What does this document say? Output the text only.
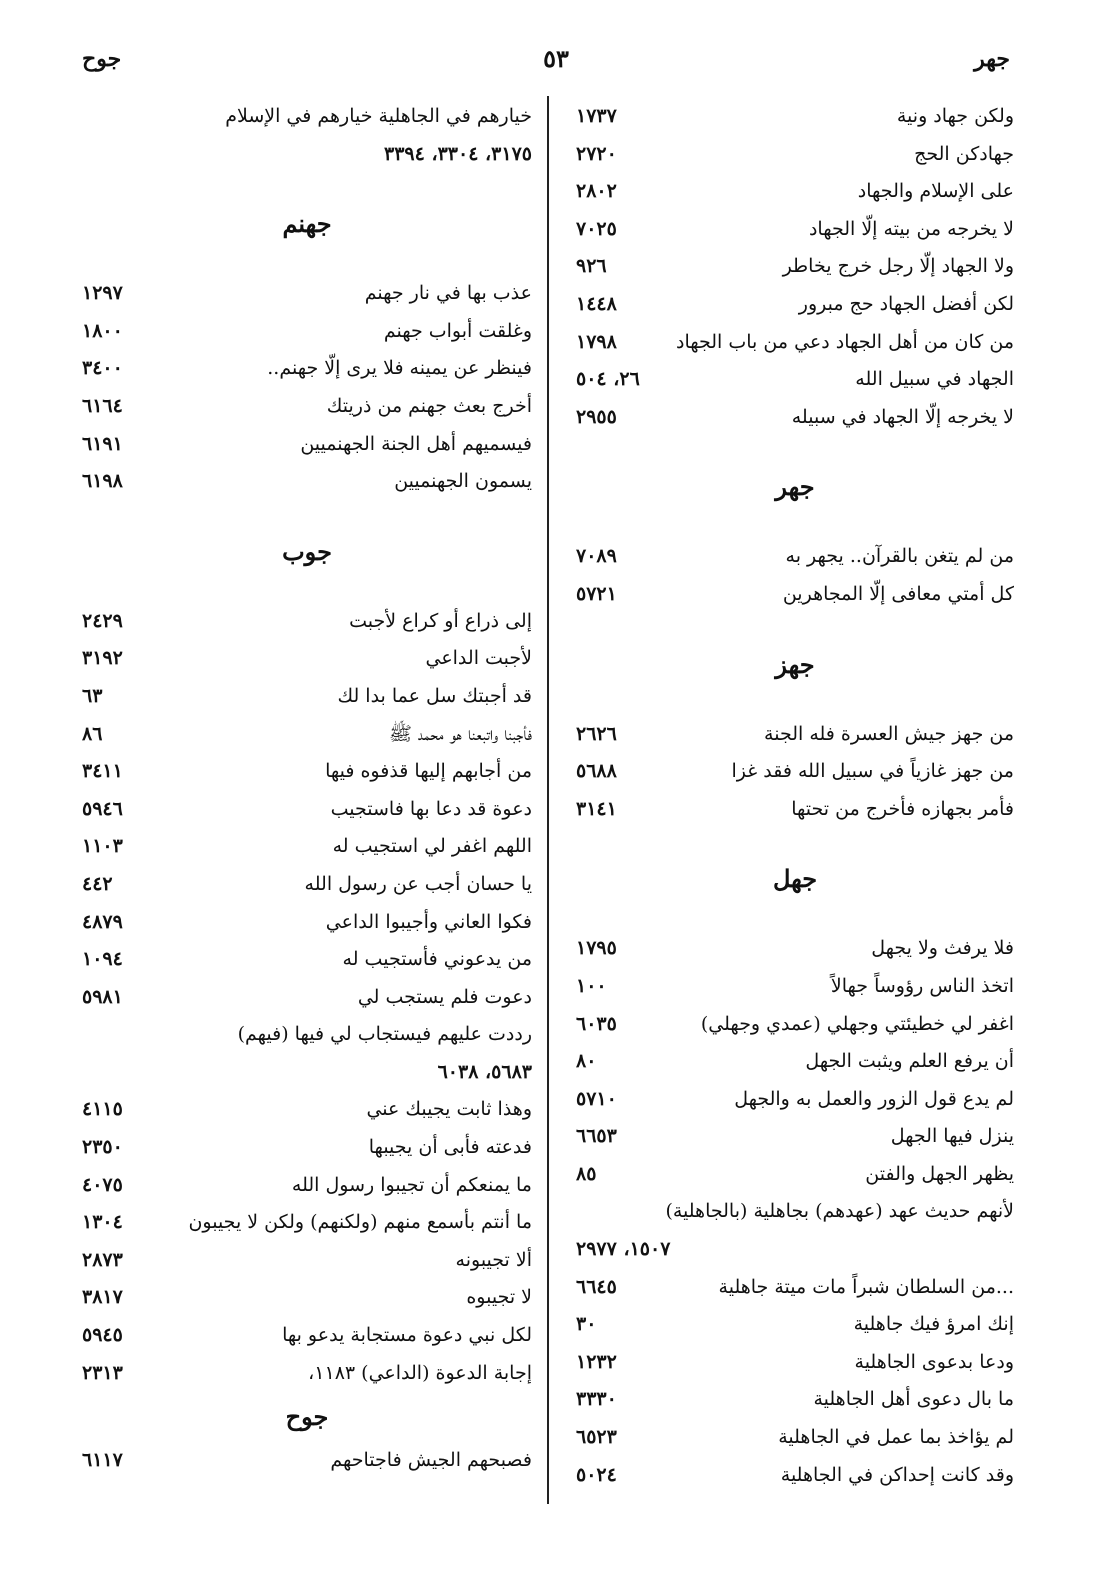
جهر
٥٣
جوح
ولكن جهاد ونية
١٧٣٧
جهادكن الحج
٢٧٢٠
على الإسلام والجهاد
٢٨٠٢
لا يخرجه من بيته إلّا الجهاد
٧٠٢٥
ولا الجهاد إلّا رجل خرج يخاطر
٩٢٦
لكن أفضل الجهاد حج مبرور
١٤٤٨
من كان من أهل الجهاد دعي من باب الجهاد
١٧٩٨
الجهاد في سبيل الله
٢٦، ٥٠٤
لا يخرجه إلّا الجهاد في سبيله
٢٩٥٥
جهر
من لم يتغن بالقرآن.. يجهر به
٧٠٨٩
كل أمتي معافى إلّا المجاهرين
٥٧٢١
جهز
من جهز جيش العسرة فله الجنة
٢٦٢٦
من جهز غازياً في سبيل الله فقد غزا
٥٦٨٨
فأمر بجهازه فأخرج من تحتها
٣١٤١
جهل
فلا يرفث ولا يجهل
١٧٩٥
اتخذ الناس رؤوساً جهالاً
١٠٠
اغفر لي خطيئتي وجهلي (عمدي وجهلي)
٦٠٣٥
أن يرفع العلم ويثبت الجهل
٨٠
لم يدع قول الزور والعمل به والجهل
٥٧١٠
ينزل فيها الجهل
٦٦٥٣
يظهر الجهل والفتن
٨٥
لأنهم حديث عهد (عهدهم) بجاهلية (بالجاهلية)
١٥٠٧، ٢٩٧٧
...من السلطان شبراً مات ميتة جاهلية
٦٦٤٥
إنك امرؤ فيك جاهلية
٣٠
ودعا بدعوى الجاهلية
١٢٣٢
ما بال دعوى أهل الجاهلية
٣٣٣٠
لم يؤاخذ بما عمل في الجاهلية
٦٥٢٣
وقد كانت إحداكن في الجاهلية
٥٠٢٤
خيارهم في الجاهلية خيارهم في الإسلام
٣١٧٥، ٣٣٠٤، ٣٣٩٤
جهنم
عذب بها في نار جهنم
١٢٩٧
وغلقت أبواب جهنم
١٨٠٠
فينظر عن يمينه فلا يرى إلّا جهنم..
٣٤٠٠
أخرج بعث جهنم من ذريتك
٦١٦٤
فيسميهم أهل الجنة الجهنميين
٦١٩١
يسمون الجهنميين
٦١٩٨
جوب
إلى ذراع أو كراع لأجبت
٢٤٢٩
لأجبت الداعي
٣١٩٢
قد أجبتك سل عما بدا لك
٦٣
فأجبنا واتبعنا هو محمد ﷺ
٨٦
من أجابهم إليها قذفوه فيها
٣٤١١
دعوة قد دعا بها فاستجيب
٥٩٤٦
اللهم اغفر لي استجيب له
١١٠٣
يا حسان أجب عن رسول الله
٤٤٢
فكوا العاني وأجيبوا الداعي
٤٨٧٩
من يدعوني فأستجيب له
١٠٩٤
دعوت فلم يستجب لي
٥٩٨١
رددت عليهم فيستجاب لي فيها (فيهم)
٥٦٨٣، ٦٠٣٨
وهذا ثابت يجيبك عني
٤١١٥
فدعته فأبى أن يجيبها
٢٣٥٠
ما يمنعكم أن تجيبوا رسول الله
٤٠٧٥
ما أنتم بأسمع منهم (ولكنهم) ولكن لا يجيبون
١٣٠٤
ألا تجيبونه
٢٨٧٣
لا تجيبوه
٣٨١٧
لكل نبي دعوة مستجابة يدعو بها
٥٩٤٥
إجابة الدعوة (الداعي) ١١٨٣،
٢٣١٣
جوح
فصبحهم الجيش فاجتاحهم
٦١١٧
